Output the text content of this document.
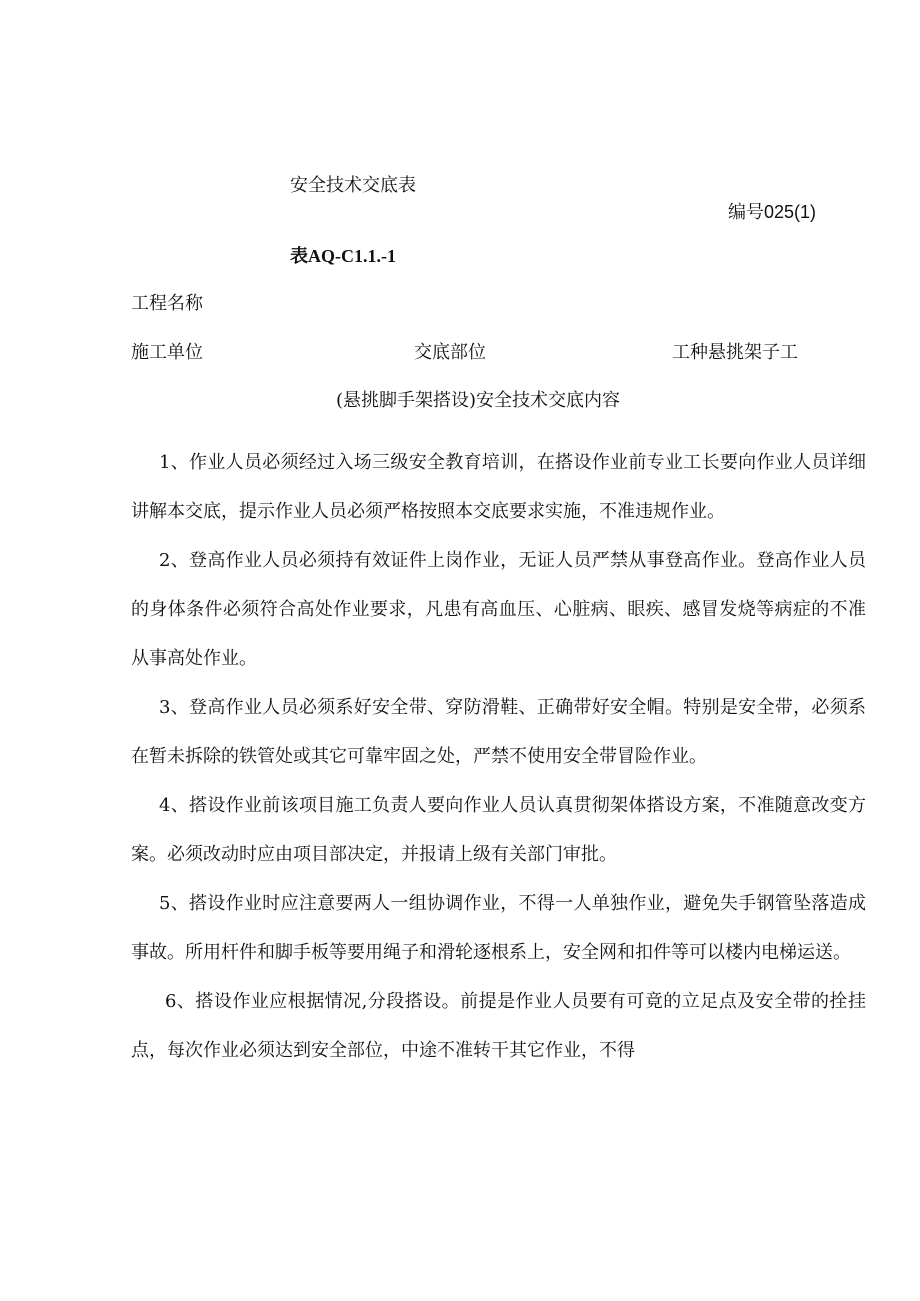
安全技术交底表
编号025(1)
表AQ-C1.1.-1
工程名称
施工单位	交底部位	工种悬挑架子工
(悬挑脚手架搭设)安全技术交底内容

1、作业人员必须经过入场三级安全教育培训，在搭设作业前专业工长要向作业人员详细讲解本交底，提示作业人员必须严格按照本交底要求实施，不准违规作业。

2、登高作业人员必须持有效证件上岗作业，无证人员严禁从事登高作业。登高作业人员的身体条件必须符合高处作业要求，凡患有高血压、心脏病、眼疾、感冒发烧等病症的不准从事高处作业。

3、登高作业人员必须系好安全带、穿防滑鞋、正确带好安全帽。特别是安全带，必须系在暂未拆除的铁管处或其它可靠牢固之处，严禁不使用安全带冒险作业。

4、搭设作业前该项目施工负责人要向作业人员认真贯彻架体搭设方案，不准随意改变方案。必须改动时应由项目部决定，并报请上级有关部门审批。

5、搭设作业时应注意要两人一组协调作业，不得一人单独作业，避免失手钢管坠落造成事故。所用杆件和脚手板等要用绳子和滑轮逐根系上，安全网和扣件等可以楼内电梯运送。

6、搭设作业应根据情况,分段搭设。前提是作业人员要有可竟的立足点及安全带的拴挂点，每次作业必须达到安全部位，中途不准转干其它作业，不得
